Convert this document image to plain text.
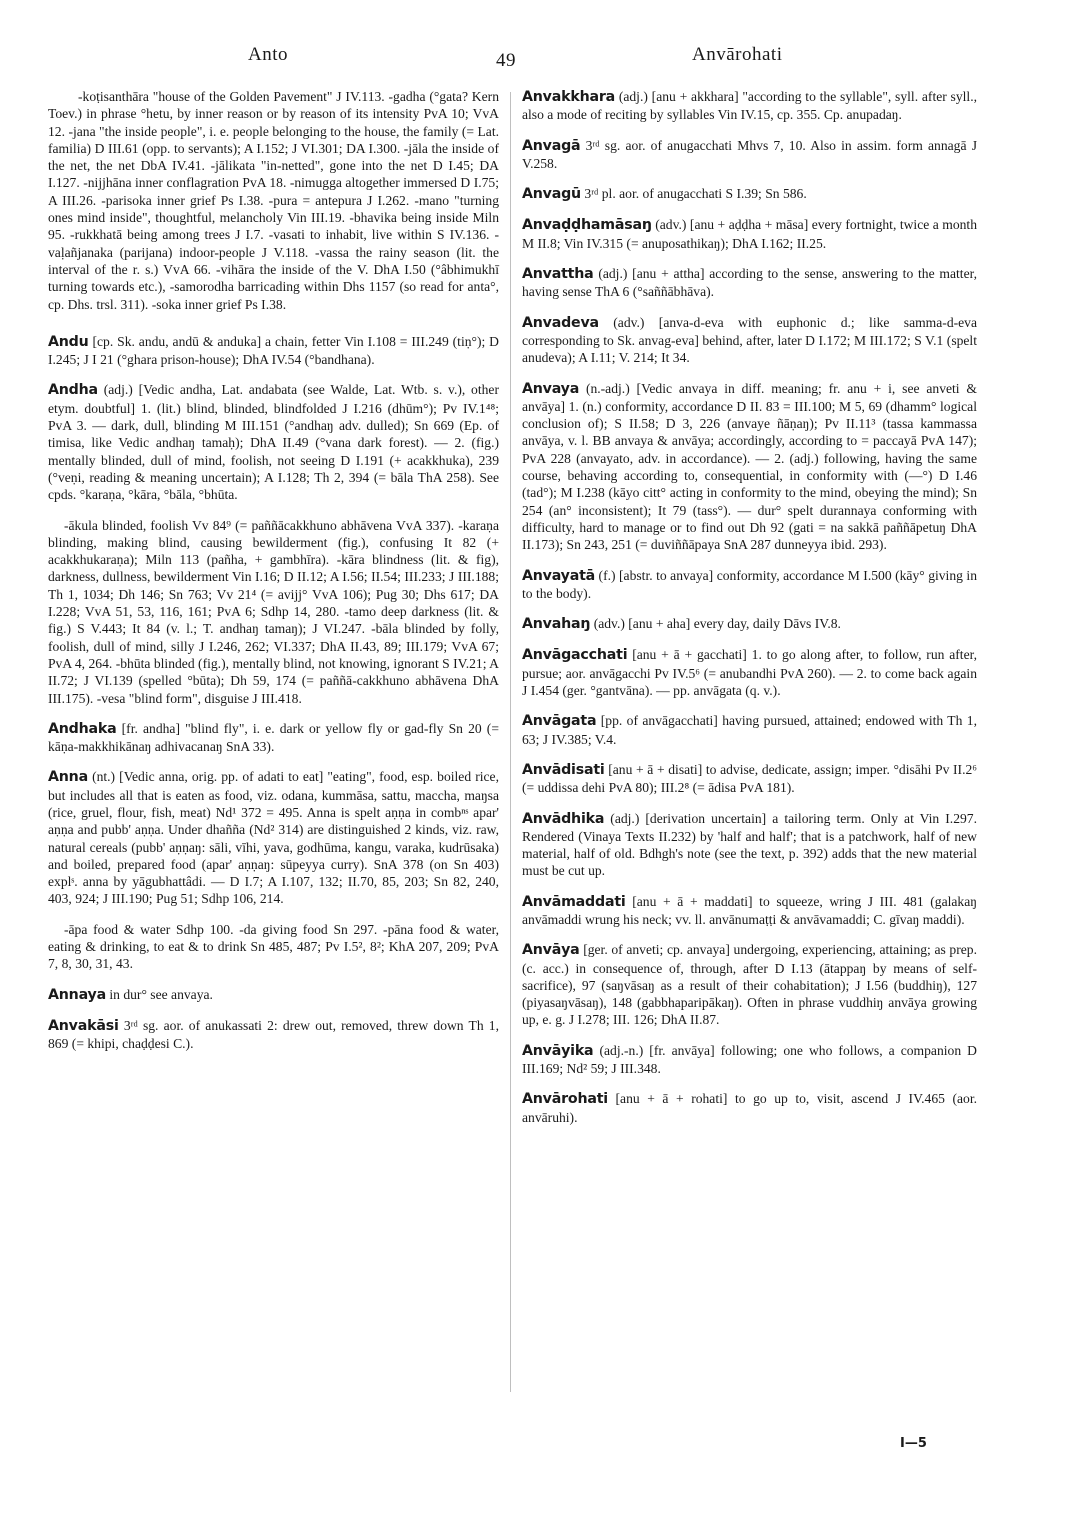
Anto	49	Anvārohati
-koṭisanthāra "house of the Golden Pavement" J IV.113. -gadha (°gata? Kern Toev.) in phrase °hetu, by inner reason or by reason of its intensity PvA 10; VvA 12. -jana "the inside people", i. e. people belonging to the house, the family (= Lat. familia) D III.61 (opp. to servants); A I.152; J VI.301; DA I.300. -jāla the inside of the net, the net DbA IV.41. -jālikata "in-netted", gone into the net D I.45; DA I.127. -nijjhāna inner conflagration PvA 18. -nimugga altogether immersed D I.75; A III.26. -parisoka inner grief Ps I.38. -pura = antepura J I.262. -mano "turning ones mind inside", thoughtful, melancholy Vin III.19. -bhavika being inside Miln 95. -rukkhatā being among trees J I.7. -vasati to inhabit, live within S IV.136. -vaḷañjanaka (parijana) indoor-people J V.118. -vassa the rainy season (lit. the interval of the r. s.) VvA 66. -vihāra the inside of the V. DhA I.50 (°âbhimukhī turning towards etc.), -samorodha barricading within Dhs 1157 (so read for anta°, cp. Dhs. trsl. 311). -soka inner grief Ps I.38.
Andu [cp. Sk. andu, andū & anduka] a chain, fetter Vin I.108 = III.249 (tiṇ°); D I.245; J I 21 (°ghara prison-house); DhA IV.54 (°bandhana).
Andha (adj.) [Vedic andha, Lat. andabata (see Walde, Lat. Wtb. s. v.), other etym. doubtful] 1. (lit.) blind, blinded, blindfolded J I.216 (dhūm°); Pv IV.1⁴⁸; PvA 3. — dark, dull, blinding M III.151 (°andhaŋ adv. dulled); Sn 669 (Ep. of timisa, like Vedic andhaŋ tamaḥ); DhA II.49 (°vana dark forest). — 2. (fig.) mentally blinded, dull of mind, foolish, not seeing D I.191 (+ acakkhuka), 239 (°veṇi, reading & meaning uncertain); A I.128; Th 2, 394 (= bāla ThA 258). See cpds. °karaṇa, °kāra, °bāla, °bhūta.
-ākula blinded, foolish Vv 84⁹ (= paññācakkhuno abhāvena VvA 337). -karaṇa blinding, making blind, causing bewilderment (fig.), confusing It 82 (+ acakkhukaraṇa); Miln 113 (pañha, + gambhīra). -kāra blindness (lit. & fig), darkness, dullness, bewilderment Vin I.16; D II.12; A I.56; II.54; III.233; J III.188; Th 1, 1034; Dh 146; Sn 763; Vv 21⁴ (= avijj° VvA 106); Pug 30; Dhs 617; DA I.228; VvA 51, 53, 116, 161; PvA 6; Sdhp 14, 280. -tamo deep darkness (lit. & fig.) S V.443; It 84 (v. l.; T. andhaŋ tamaŋ); J VI.247. -bāla blinded by folly, foolish, dull of mind, silly J I.246, 262; VI.337; DhA II.43, 89; III.179; VvA 67; PvA 4, 264. -bhūta blinded (fig.), mentally blind, not knowing, ignorant S IV.21; A II.72; J VI.139 (spelled °būta); Dh 59, 174 (= paññā-cakkhuno abhāvena DhA III.175). -vesa "blind form", disguise J III.418.
Andhaka [fr. andha] "blind fly", i. e. dark or yellow fly or gad-fly Sn 20 (= kāṇa-makkhikānaŋ adhivacanaŋ SnA 33).
Anna (nt.) [Vedic anna, orig. pp. of adati to eat] "eating", food, esp. boiled rice, but includes all that is eaten as food, viz. odana, kummāsa, sattu, maccha, maŋsa (rice, gruel, flour, fish, meat) Nd¹ 372 = 495. Anna is spelt aṇṇa in combⁿˢ apar' aṇṇa and pubb' aṇṇa. Under dhañña (Nd² 314) are distinguished 2 kinds, viz. raw, natural cereals (pubb' aṇṇaŋ: sāli, vīhi, yava, godhūma, kangu, varaka, kudrūsaka) and boiled, prepared food (apar' aṇṇaŋ: sūpeyya curry). SnA 378 (on Sn 403) explˢ. anna by yāgubhattâdi. — D I.7; A I.107, 132; II.70, 85, 203; Sn 82, 240, 403, 924; J III.190; Pug 51; Sdhp 106, 214.
-āpa food & water Sdhp 100. -da giving food Sn 297. -pāna food & water, eating & drinking, to eat & to drink Sn 485, 487; Pv I.5², 8²; KhA 207, 209; PvA 7, 8, 30, 31, 43.
Annaya in dur° see anvaya.
Anvakāsi 3ʳᵈ sg. aor. of anukassati 2: drew out, removed, threw down Th 1, 869 (= khipi, chaḍḍesi C.).
Anvakkhara (adj.) [anu + akkhara] "according to the syllable", syll. after syll., also a mode of reciting by syllables Vin IV.15, cp. 355. Cp. anupadaŋ.
Anvagā 3ʳᵈ sg. aor. of anugacchati Mhvs 7, 10. Also in assim. form annagā J V.258.
Anvagū 3ʳᵈ pl. aor. of anugacchati S I.39; Sn 586.
Anvaḍḍhamāsaŋ (adv.) [anu + aḍḍha + māsa] every fortnight, twice a month M II.8; Vin IV.315 (= anuposathikaŋ); DhA I.162; II.25.
Anvattha (adj.) [anu + attha] according to the sense, answering to the matter, having sense ThA 6 (°saññābhāva).
Anvadeva (adv.) [anva-d-eva with euphonic d.; like samma-d-eva corresponding to Sk. anvag-eva] behind, after, later D I.172; M III.172; S V.1 (spelt anudeva); A I.11; V. 214; It 34.
Anvaya (n.-adj.) [Vedic anvaya in diff. meaning; fr. anu + i, see anveti & anvāya] 1. (n.) conformity, accordance D II. 83 = III.100; M 5, 69 (dhamm° logical conclusion of); S II.58; D 3, 226 (anvaye ñāṇaŋ); Pv II.11³ (tassa kammassa anvāya, v. l. BB anvaya & anvāya; accordingly, according to = paccayā PvA 147); PvA 228 (anvayato, adv. in accordance). — 2. (adj.) following, having the same course, behaving according to, consequential, in conformity with (—°) D I.46 (tad°); M I.238 (kāyo citt° acting in conformity to the mind, obeying the mind); Sn 254 (an° inconsistent); It 79 (tass°). — dur° spelt durannaya conforming with difficulty, hard to manage or to find out Dh 92 (gati = na sakkā paññāpetuŋ DhA II.173); Sn 243, 251 (= duviññāpaya SnA 287 dunneyya ibid. 293).
Anvayatā (f.) [abstr. to anvaya] conformity, accordance M I.500 (kāy° giving in to the body).
Anvahaŋ (adv.) [anu + aha] every day, daily Dāvs IV.8.
Anvāgacchati [anu + ā + gacchati] 1. to go along after, to follow, run after, pursue; aor. anvāgacchi Pv IV.5⁶ (= anubandhi PvA 260). — 2. to come back again J I.454 (ger. °gantvāna). — pp. anvāgata (q. v.).
Anvāgata [pp. of anvāgacchati] having pursued, attained; endowed with Th 1, 63; J IV.385; V.4.
Anvādisati [anu + ā + disati] to advise, dedicate, assign; imper. °disāhi Pv II.2⁶ (= uddissa dehi PvA 80); III.2⁸ (= ādisa PvA 181).
Anvādhika (adj.) [derivation uncertain] a tailoring term. Only at Vin I.297. Rendered (Vinaya Texts II.232) by 'half and half'; that is a patchwork, half of new material, half of old. Bdhgh's note (see the text, p. 392) adds that the new material must be cut up.
Anvāmaddati [anu + ā + maddati] to squeeze, wring J III. 481 (galakaŋ anvāmaddi wrung his neck; vv. ll. anvānumaṭṭi & anvāvamaddi; C. gīvaŋ maddi).
Anvāya [ger. of anveti; cp. anvaya] undergoing, experiencing, attaining; as prep. (c. acc.) in consequence of, through, after D I.13 (ātappaŋ by means of self-sacrifice), 97 (saŋvāsaŋ as a result of their cohabitation); J I.56 (buddhiŋ), 127 (piyasaŋvāsaŋ), 148 (gabbhaparipākaŋ). Often in phrase vuddhiŋ anvāya growing up, e. g. J I.278; III. 126; DhA II.87.
Anvāyika (adj.-n.) [fr. anvāya] following; one who follows, a companion D III.169; Nd² 59; J III.348.
Anvārohati [anu + ā + rohati] to go up to, visit, ascend J IV.465 (aor. anvāruhi).
I—5
